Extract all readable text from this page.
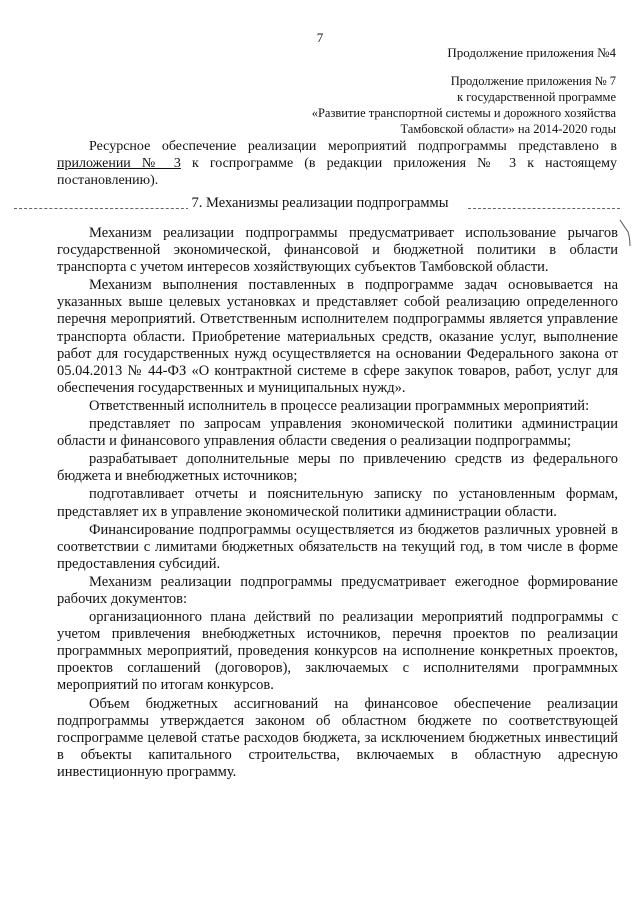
7
Продолжение приложения №4
Продолжение приложения № 7
к государственной программе
«Развитие транспортной системы и дорожного хозяйства
Тамбовской области» на 2014-2020 годы

Ресурсное обеспечение реализации мероприятий подпрограммы представлено в приложении № 3 к госпрограмме (в редакции приложения № 3 к настоящему постановлению).

7. Механизмы реализации подпрограммы

Механизм реализации подпрограммы предусматривает использование рычагов государственной экономической, финансовой и бюджетной политики в области транспорта с учетом интересов хозяйствующих субъектов Тамбовской области.

Механизм выполнения поставленных в подпрограмме задач основывается на указанных выше целевых установках и представляет собой реализацию определенного перечня мероприятий. Ответственным исполнителем подпрограммы является управление транспорта области. Приобретение материальных средств, оказание услуг, выполнение работ для государственных нужд осуществляется на основании Федерального закона от 05.04.2013 № 44-ФЗ «О контрактной системе в сфере закупок товаров, работ, услуг для обеспечения государственных и муниципальных нужд».

Ответственный исполнитель в процессе реализации программных мероприятий:

представляет по запросам управления экономической политики администрации области и финансового управления области сведения о реализации подпрограммы;

разрабатывает дополнительные меры по привлечению средств из федерального бюджета и внебюджетных источников;

подготавливает отчеты и пояснительную записку по установленным формам, представляет их в управление экономической политики администрации области.

Финансирование подпрограммы осуществляется из бюджетов различных уровней в соответствии с лимитами бюджетных обязательств на текущий год, в том числе в форме предоставления субсидий.

Механизм реализации подпрограммы предусматривает ежегодное формирование рабочих документов:

организационного плана действий по реализации мероприятий подпрограммы с учетом привлечения внебюджетных источников, перечня проектов по реализации программных мероприятий, проведения конкурсов на исполнение конкретных проектов, проектов соглашений (договоров), заключаемых с исполнителями программных мероприятий по итогам конкурсов.

Объем бюджетных ассигнований на финансовое обеспечение реализации подпрограммы утверждается законом об областном бюджете по соответствующей госпрограмме целевой статье расходов бюджета, за исключением бюджетных инвестиций в объекты капитального строительства, включаемых в областную адресную инвестиционную программу.
